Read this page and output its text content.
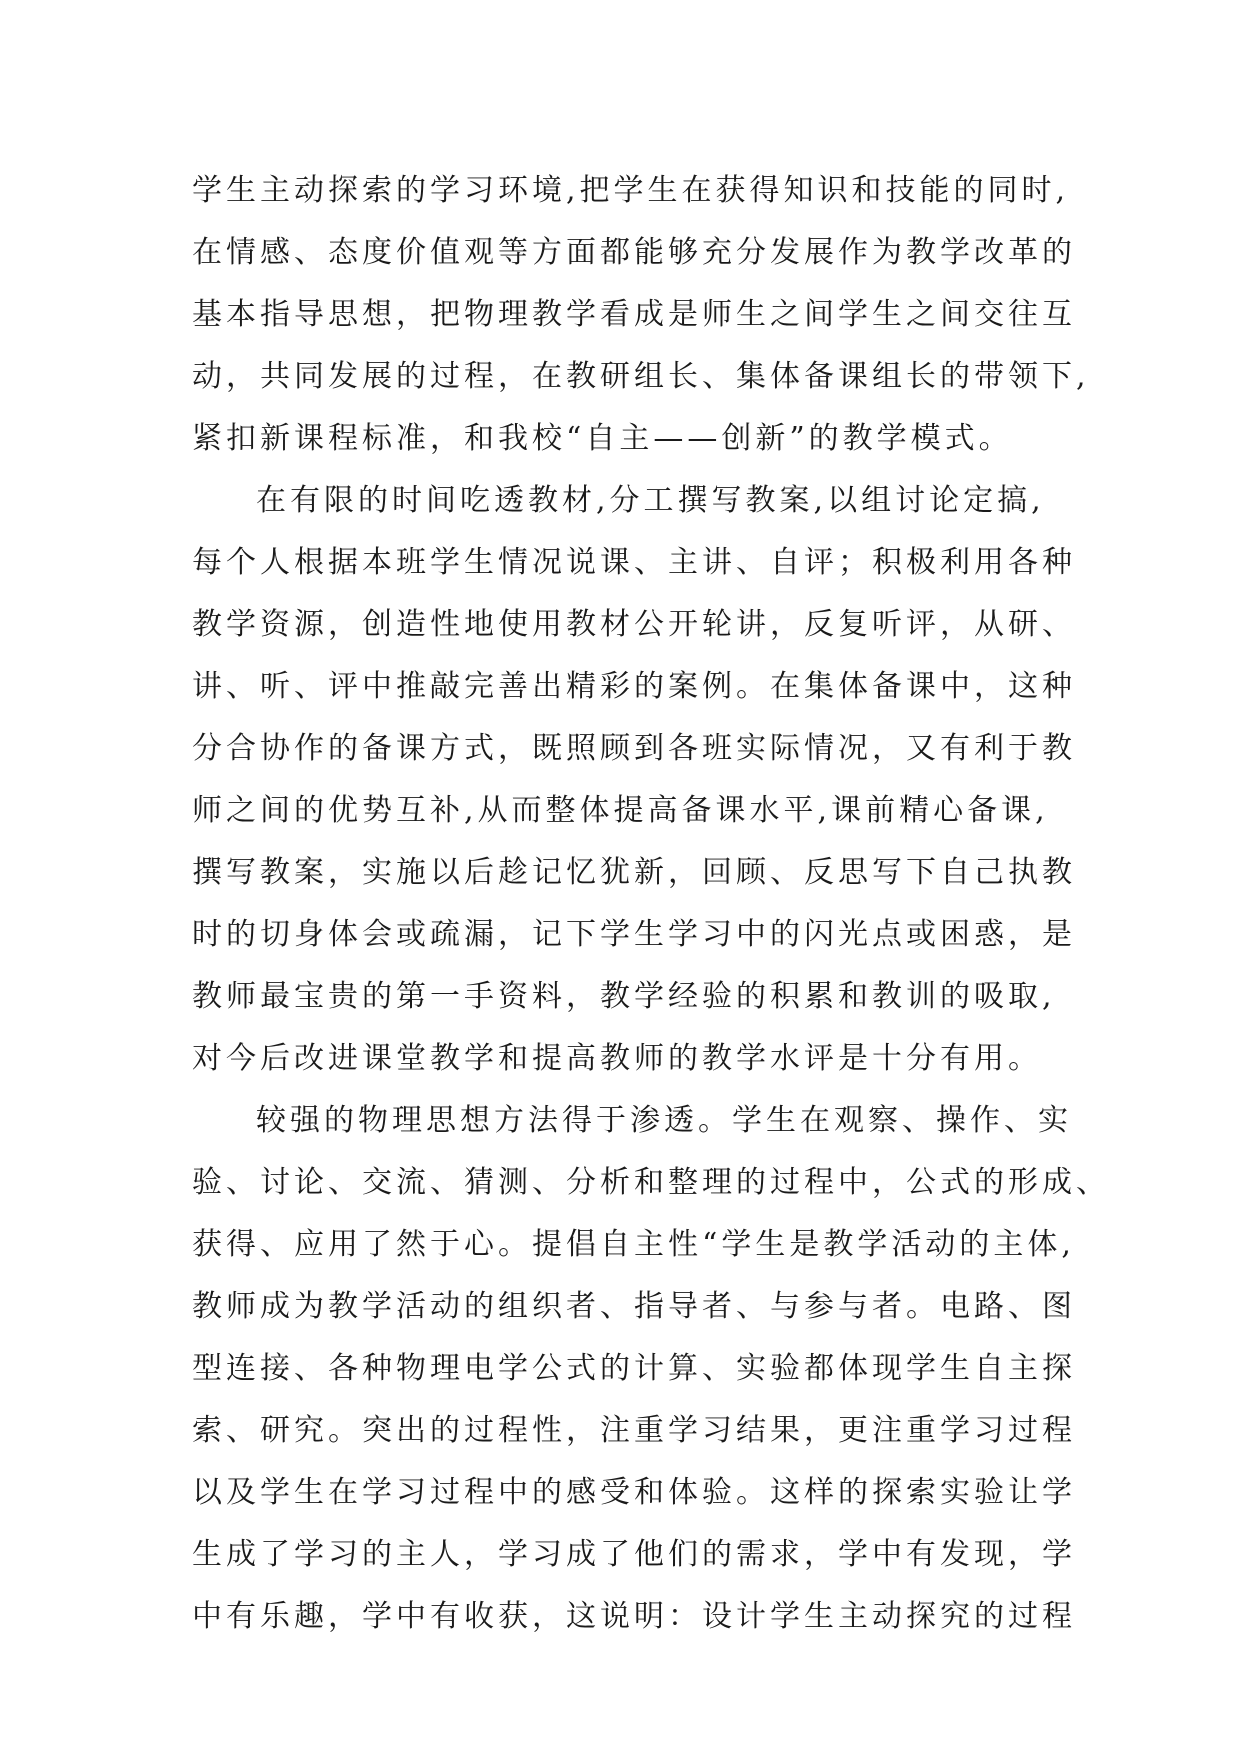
学生主动探索的学习环境,把学生在获得知识和技能的同时,
在情感、态度价值观等方面都能够充分发展作为教学改革的
基本指导思想，把物理教学看成是师生之间学生之间交往互
动，共同发展的过程，在教研组长、集体备课组长的带领下,
紧扣新课程标准，和我校“自主——创新”的教学模式。
在有限的时间吃透教材,分工撰写教案,以组讨论定搞,
每个人根据本班学生情况说课、主讲、自评；积极利用各种
教学资源，创造性地使用教材公开轮讲，反复听评，从研、
讲、听、评中推敲完善出精彩的案例。在集体备课中，这种
分合协作的备课方式，既照顾到各班实际情况，又有利于教
师之间的优势互补,从而整体提高备课水平,课前精心备课,
撰写教案，实施以后趁记忆犹新，回顾、反思写下自己执教
时的切身体会或疏漏，记下学生学习中的闪光点或困惑，是
教师最宝贵的第一手资料，教学经验的积累和教训的吸取,
对今后改进课堂教学和提高教师的教学水评是十分有用。
较强的物理思想方法得于渗透。学生在观察、操作、实
验、讨论、交流、猜测、分析和整理的过程中，公式的形成、
获得、应用了然于心。提倡自主性“学生是教学活动的主体,
教师成为教学活动的组织者、指导者、与参与者。电路、图
型连接、各种物理电学公式的计算、实验都体现学生自主探
索、研究。突出的过程性，注重学习结果，更注重学习过程
以及学生在学习过程中的感受和体验。这样的探索实验让学
生成了学习的主人，学习成了他们的需求，学中有发现，学
中有乐趣，学中有收获，这说明：设计学生主动探究的过程
